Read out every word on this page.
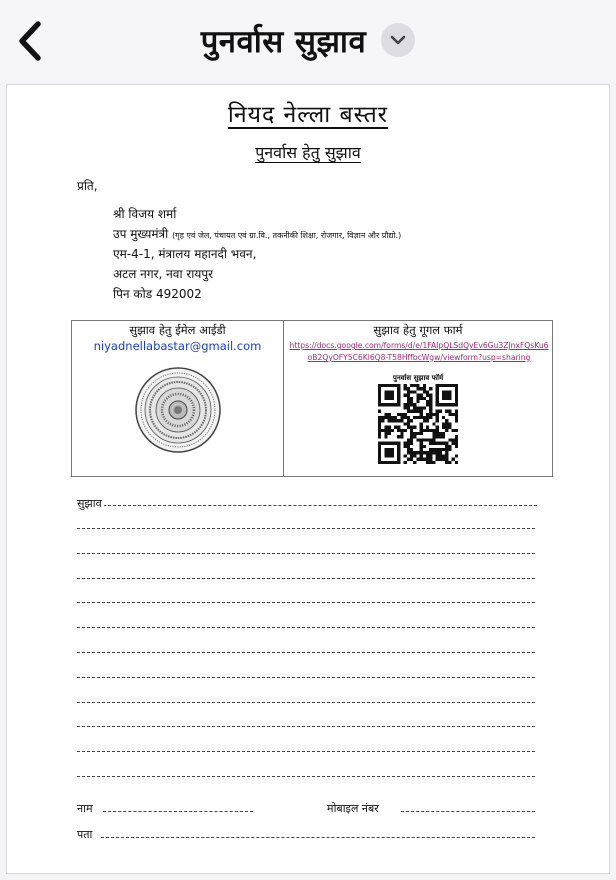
पुनर्वास सुझाव
नियद नेल्ला बस्तर
पुनर्वास हेतु सुझाव
प्रति,
श्री विजय शर्मा
उप मुख्यमंत्री (गृह एवं जेल, पंचायत एवं ग्रा.वि., तकनीकी शिक्षा, रोजगार, विज्ञान और प्रौद्यो.)
एम-4-1, मंत्रालय महानदी भवन,
अटल नगर, नवा रायपुर
पिन कोड 492002
सुझाव हेतु ईमेल आईडी
niyadnellabastar@gmail.com
सुझाव हेतु गूगल फार्म
https://docs.google.com/forms/d/e/1FAIpQLSdQyEv6Gu3ZJnxFQsKu6oB2QyOFY5C6Kl6Q8-T58HffbcWgw/viewform?usp=sharing
पुनर्वास सुझाव फॉर्म
सुझाव
नाम	मोबाइल नंबर
पता
